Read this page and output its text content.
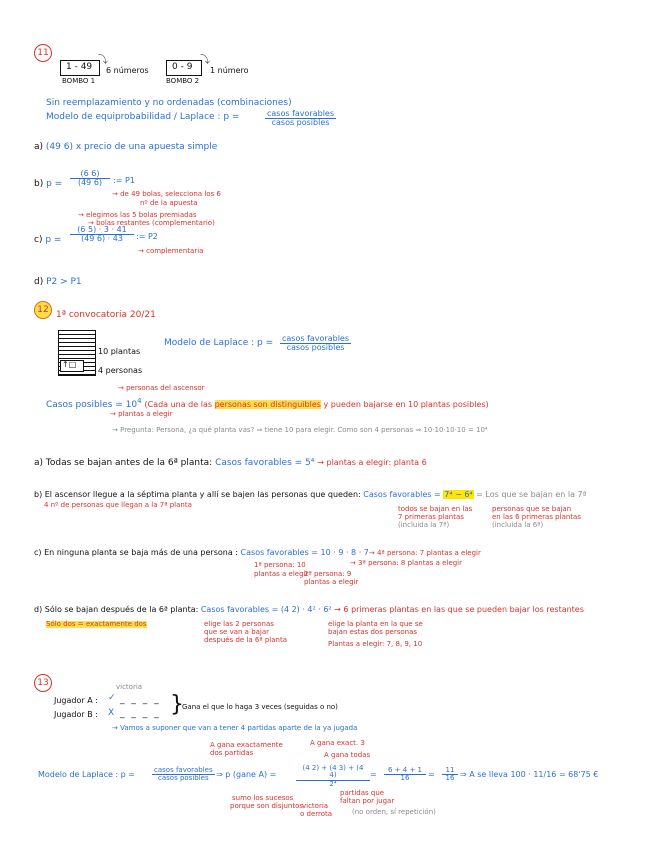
11
1 - 49
BOMBO 1
6 números
⤵
0 - 9
BOMBO 2
1 número
⤵
Sin reemplazamiento y no ordenadas (combinaciones)
Modelo de equiprobabilidad / Laplace : p =	casos favorables
casos posibles
a) (49 6) x precio de una apuesta simple
b) $p = \frac{(6 6)}{(49 6)}$ := P1
→ de 49 bolas, selecciona los 6
nº de la apuesta
→ elegimos las 5 bolas premiadas
→ bolas restantes (complementario)
c) $p = \frac{(6 5) \cdot 3 \cdot 41}{(49 6) \cdot 43}$ := P2
→ complementaria
d) P2 > P1
12 1ª convocatoria 20/21
↑□
10 plantas
4 personas
Modelo de Laplace : p = casos favorables
casos posibles
→ personas del ascensor
Casos posibles = $10^4$ (Cada una de las personas son distinguibles y pueden bajarse en 10 plantas posibles)
→ plantas a elegir
→ Pregunta: Persona, ¿a qué planta vas? ⇒ tiene 10 para elegir. Como son 4 personas ⇒ 10·10·10·10 = 10⁴
a) Todas se bajan antes de la 6ª planta: Casos favorables = 5⁴ → plantas a elegir: planta 6
b) El ascensor llegue a la séptima planta y allí se bajen las personas que queden: Casos favorables = 7⁴ − 6⁴ = Los que se bajan en la 7ª
4 nº de personas que llegan a la 7ª planta	todos se bajan en las
7 primeras plantas
(incluida la 7ª)
personas que se bajan
en las 6 primeras plantas
(incluida la 6ª)
c) En ninguna planta se baja más de una persona : Casos favorables = 10 · 9 · 8 · 7→ 4ª persona: 7 plantas a elegir
→ 3ª persona: 8 plantas a elegir
1ª persona: 10
plantas a elegir
2ª persona: 9
plantas a elegir
d) Sólo se bajan después de la 6ª planta: Casos favorables = (4 2) · 4² · 6² → 6 primeras plantas en las que se pueden bajar los restantes
Sólo dos = exactamente dos	elige las 2 personas
que se van a bajar
después de la 6ª planta
elige la planta en la que se
bajan estas dos personas
Plantas a elegir: 7, 8, 9, 10
13	victoria
Jugador A : ✓ _ _ _ _
Jugador B : X _ _ _ _ }
Gana el que lo haga 3 veces (seguidas o no)
→ Vamos a suponer que van a tener 4 partidas aparte de la ya jugada
A gana exactamente
dos partidas
A gana exact. 3
A gana todas
Modelo de Laplace : p =	casos favorables
casos posibles ⇒ p (gane A) =	$\frac{(4 2) + (4 3) + (4 4)}{\text{2⁴}} = \frac{6 + 4 + 1}{16} = \frac{11}{16}$ ⇒ A se lleva 100 · 11/16 = 68'75 €
sumo los sucesos
porque son disjuntos
victoria
o derrota
partidas que
faltan por jugar
(no orden, sí repetición)
